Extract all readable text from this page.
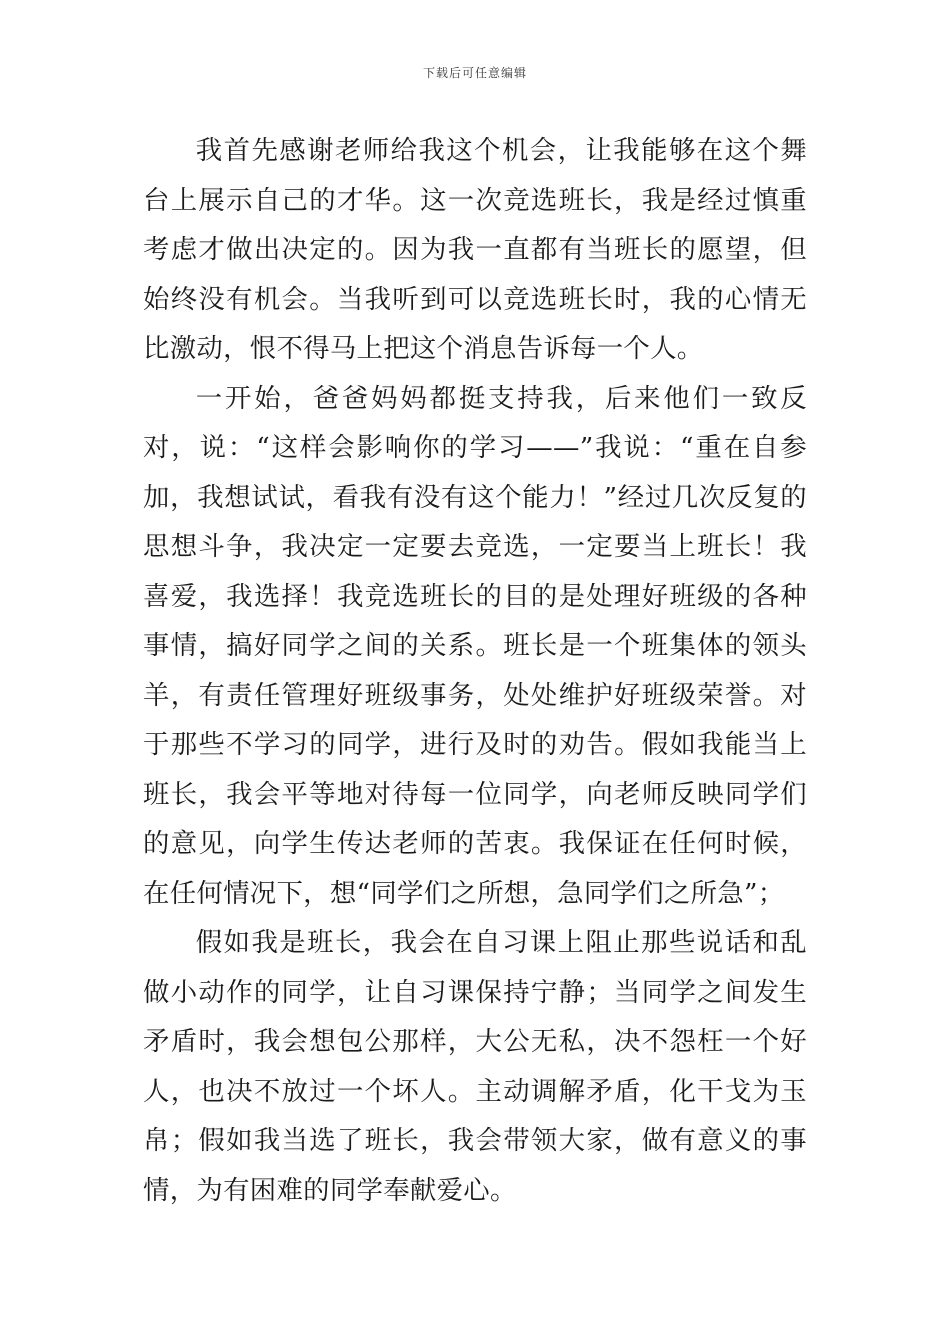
下载后可任意编辑

我首先感谢老师给我这个机会，让我能够在这个舞台上展示自己的才华。这一次竞选班长，我是经过慎重考虑才做出决定的。因为我一直都有当班长的愿望，但始终没有机会。当我听到可以竞选班长时，我的心情无比激动，恨不得马上把这个消息告诉每一个人。

一开始，爸爸妈妈都挺支持我，后来他们一致反对，说：“这样会影响你的学习——”我说：“重在自参加，我想试试，看我有没有这个能力！”经过几次反复的思想斗争，我决定一定要去竞选，一定要当上班长！我喜爱，我选择！我竞选班长的目的是处理好班级的各种事情，搞好同学之间的关系。班长是一个班集体的领头羊，有责任管理好班级事务，处处维护好班级荣誉。对于那些不学习的同学，进行及时的劝告。假如我能当上班长，我会平等地对待每一位同学，向老师反映同学们的意见，向学生传达老师的苦衷。我保证在任何时候，在任何情况下，想“同学们之所想，急同学们之所急”；

假如我是班长，我会在自习课上阻止那些说话和乱做小动作的同学，让自习课保持宁静；当同学之间发生矛盾时，我会想包公那样，大公无私，决不怨枉一个好人，也决不放过一个坏人。主动调解矛盾，化干戈为玉帛；假如我当选了班长，我会带领大家，做有意义的事情，为有困难的同学奉献爱心。
